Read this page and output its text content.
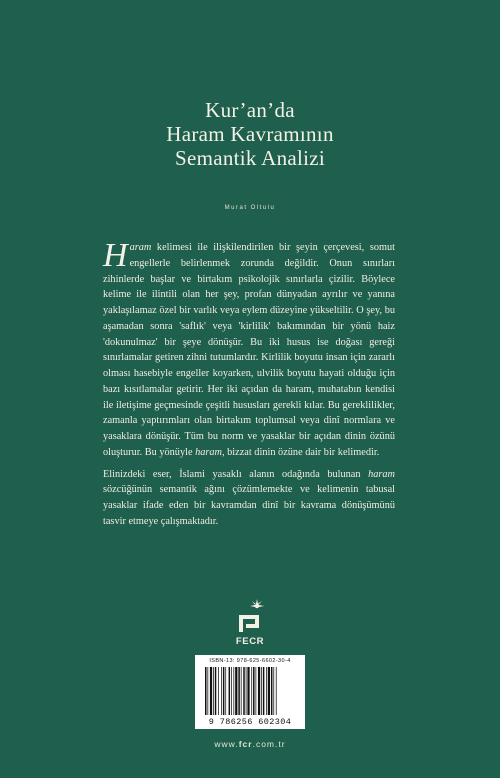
Kur’an’da
Haram Kavramının
Semantik Analizi
Murat Oltulu

Haram kelimesi ile ilişkilendirilen bir şeyin çerçevesi, somut engellerle belirlenmek zorunda değildir. Onun sınırları zihinlerde başlar ve birtakım psikolojik sınırlarla çizilir. Böylece kelime ile ilintili olan her şey, profan dünyadan ayrılır ve yanına yaklaşılamaz özel bir varlık veya eylem düzeyine yükseltilir. O şey, bu aşamadan sonra 'saflık' veya 'kirlilik' bakımından bir yönü haiz 'dokunulmaz' bir şeye dönüşür. Bu iki husus ise doğası gereği sınırlamalar getiren zihni tutumlardır. Kirlilik boyutu insan için zararlı olması hasebiyle engeller koyarken, ulvilik boyutu hayati olduğu için bazı kısıtlamalar getirir. Her iki açıdan da haram, muhatabın kendisi ile iletişime geçmesinde çeşitli hususları gerekli kılar. Bu gereklilikler, zamanla yaptırımları olan birtakım toplumsal veya dinî normlara ve yasaklara dönüşür. Tüm bu norm ve yasaklar bir açıdan dinin özünü oluşturur. Bu yönüyle haram, bizzat dinin özüne dair bir kelimedir.

Elinizdeki eser, İslami yasaklı alanın odağında bulunan haram sözcüğünün semantik ağını çözümlemekte ve kelimenin tabusal yasaklar ifade eden bir kavramdan dinî bir kavrama dönüşümünü tasvir etmeye çalışmaktadır.

FECR
ISBN-13: 978-625-6602-30-4
9 786256 602304
www.fcr.com.tr
